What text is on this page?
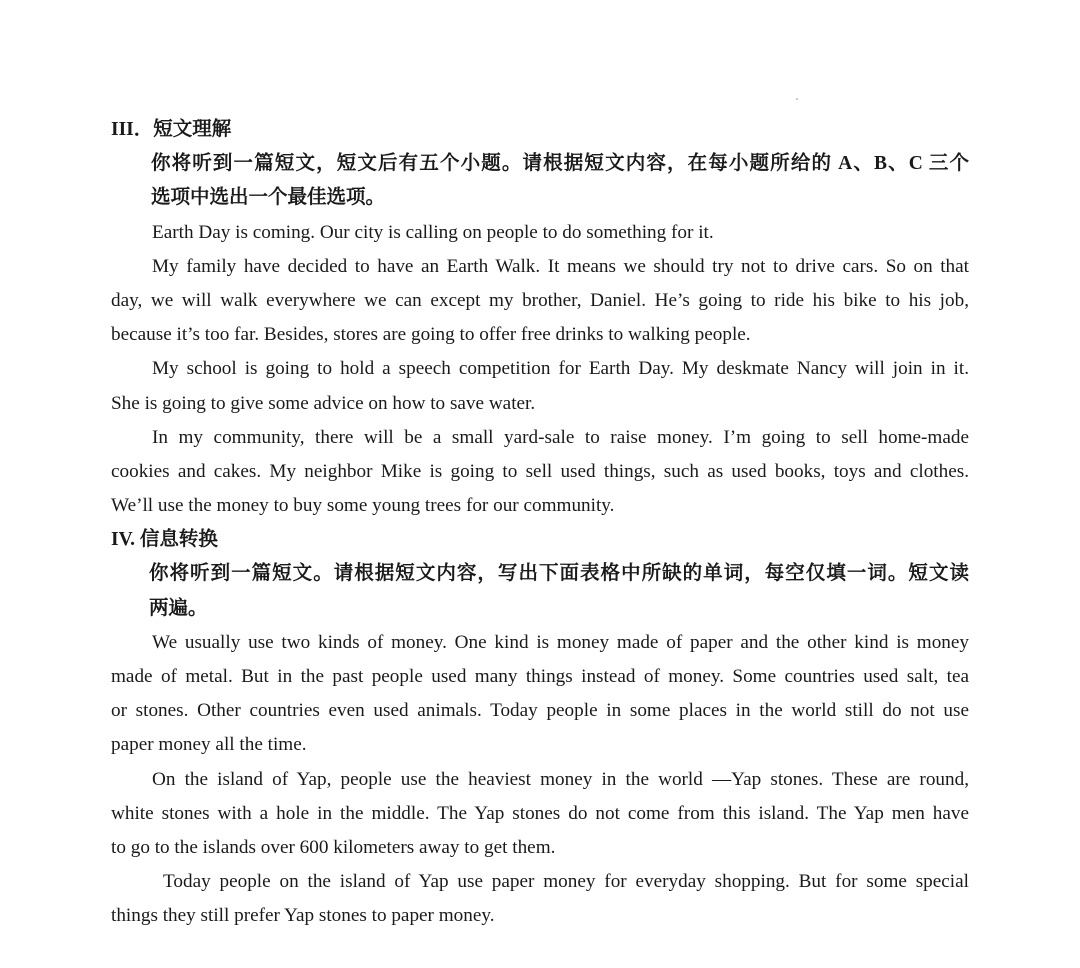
III．短文理解
你将听到一篇短文，短文后有五个小题。请根据短文内容，在每小题所给的 A、B、C 三个
选项中选出一个最佳选项。
Earth Day is coming. Our city is calling on people to do something for it.
My family have decided to have an Earth Walk. It means we should try not to drive cars. So on that
day, we will walk everywhere we can except my brother, Daniel. He’s going to ride his bike to his job,
because it’s too far. Besides, stores are going to offer free drinks to walking people.
My school is going to hold a speech competition for Earth Day. My deskmate Nancy will join in it.
She is going to give some advice on how to save water.
In my community, there will be a small yard-sale to raise money. I’m going to sell home-made
cookies and cakes. My neighbor Mike is going to sell used things, such as used books, toys and clothes.
We’ll use the money to buy some young trees for our community.
IV. 信息转换
你将听到一篇短文。请根据短文内容，写出下面表格中所缺的单词，每空仅填一词。短文读
两遍。
We usually use two kinds of money. One kind is money made of paper and the other kind is money
made of metal. But in the past people used many things instead of money. Some countries used salt, tea
or stones. Other countries even used animals. Today people in some places in the world still do not use
paper money all the time.
On the island of Yap, people use the heaviest money in the world —Yap stones. These are round,
white stones with a hole in the middle. The Yap stones do not come from this island. The Yap men have
to go to the islands over 600 kilometers away to get them.
Today people on the island of Yap use paper money for everyday shopping. But for some special
things they still prefer Yap stones to paper money.
